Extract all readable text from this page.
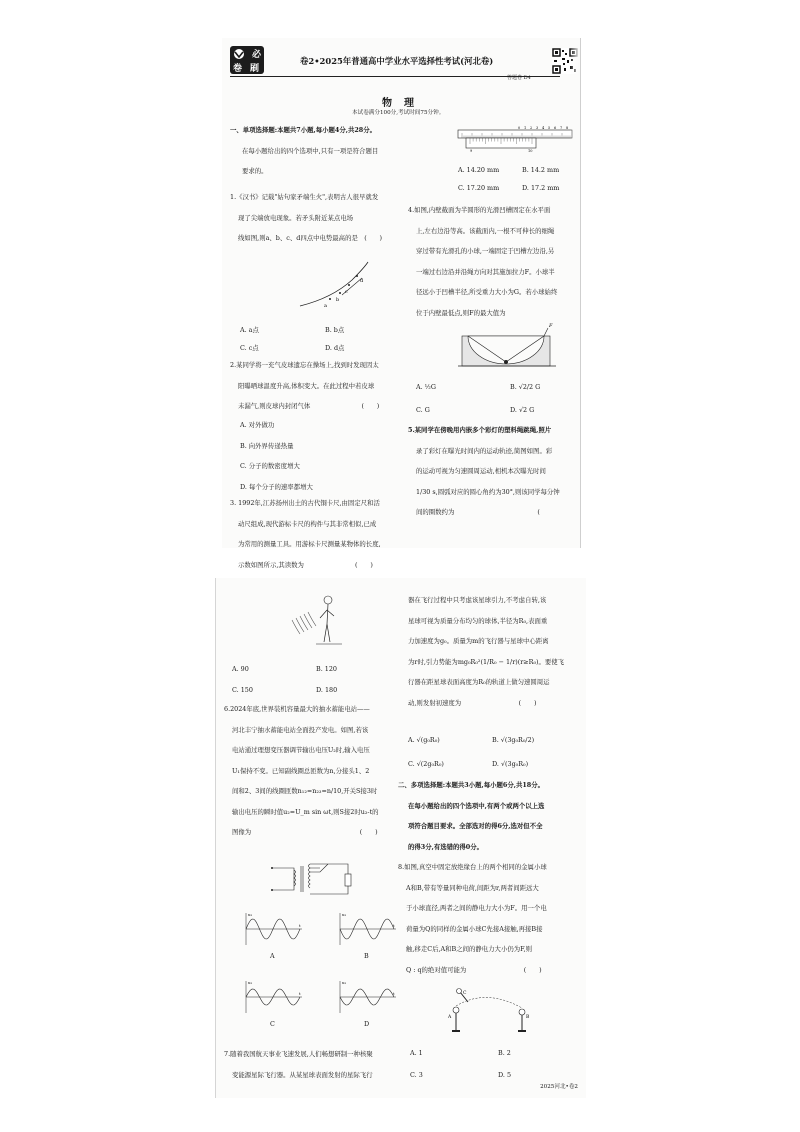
必
卷 刷
卷2•2025年普通高中学业水平选择性考试(河北卷)
答题卷 D4
物理
本试卷满分100分,考试时间75分钟。
一、单项选择题:本题共7小题,每小题4分,共28分。
在每小题给出的四个选项中,只有一项是符合题目
要求的。
1.《汉书》记载"姑句家矛端生火",表明古人很早就发
现了尖端放电现象。若矛头附近某点电场
线如图,则a、b、c、d四点中电势最高的是　(　　)
a
b
c
d
A. a点	B. b点
C. c点	D. d点
2.某同学将一充气皮球遗忘在操场上,找到时发现因太
阳曝晒球温度升高,体积变大。在此过程中若皮球
未漏气,则皮球内封闭气体　　　　　　　　(　　)
A. 对外做功
B. 向外界传递热量
C. 分子的数密度增大
D. 每个分子的速率都增大
3. 1992年,江苏扬州出土的古代铜卡尺,由固定尺和活
动尺组成,现代游标卡尺的构件与其非常相似,已成
为常用的测量工具。用游标卡尺测量某物体的长度,
示数如图所示,其读数为　　　　　　　　(　　)
0 1 2 3 4 5 6 7 8
9	10
A. 14.20 mm	B. 14.2 mm
C. 17.20 mm	D. 17.2 mm
4.如图,内壁截面为半圆形的光滑凹槽固定在水平面
上,左右边沿等高。该截面内,一根不可伸长的细绳
穿过带有光滑孔的小球,一端固定于凹槽左边沿,另
一端过右边沿并沿绳方向对其施加拉力F。小球半
径远小于凹槽半径,所受重力大小为G。若小球始终
位于内壁最低点,则F的最大值为
F
A. ½G	B. √2/2 G
C. G	D. √2 G
5.某同学在傍晚用内嵌多个彩灯的塑料绳跳绳,照片
录了彩灯在曝光时间内的运动轨迹,简图如图。彩
的运动可视为匀速圆周运动,相机本次曝光时间
1/30 s,圆弧对应的圆心角约为30°,则该同学每分钟
间的圈数约为　　　　　　　　　　　　　(
A. 90	B. 120
C. 150	D. 180
6.2024年底,世界装机容量最大的抽水蓄能电站——
河北丰宁抽水蓄能电站全面投产发电。如图,若该
电站通过理想变压器调节输出电压U₂时,输入电压
U₁保持不变。已知副线圈总匝数为n,分接头1、2
间和2、3间的线圈匝数n₁₂=n₂₃=n/10,开关S接3时
输出电压的瞬时值u₂=U_m sin ωt,则S接2时u₂-t的
图像为　　　　　　　　　　　　　　　　　(　　)
t
u₂
t
u₂
A	B
t
u₂
t
u₂
C	D
7.随着我国航天事业飞速发展,人们畅想研制一种核聚
变能源星际飞行器。从某星球表面发射的星际飞行
器在飞行过程中只考虑该星球引力,不考虑自转,该
星球可视为质量分布均匀的球体,半径为R₀,表面重
力加速度为g₀。质量为m的飞行器与星球中心距离
为r时,引力势能为mg₀R₀²(1/R₀ − 1/r)(r≥R₀)。要使飞
行器在距星球表面高度为R₀的轨道上做匀速圆周运
动,则发射初速度为　　　　　　　　　(　　)
A. √(g₀R₀)	B. √(3g₀R₀/2)
C. √(2g₀R₀)	D. √(3g₀R₀)
二、多项选择题:本题共3小题,每小题6分,共18分。
在每小题给出的四个选项中,有两个或两个以上选
项符合题目要求。全部选对的得6分,选对但不全
的得3分,有选错的得0分。
8.如图,真空中固定放绝缘台上的两个相同的金属小球
A和B,带有等量同种电荷,间距为r,两者间距远大
于小球直径,两者之间的静电力大小为F。用一个电
荷量为Q的同样的金属小球C先接A接触,再接B接
触,移走C后,A和B之间的静电力大小仍为F,则
Q : q的绝对值可能为　　　　　　　　　(　　)
A
C
B
A. 1	B. 2
C. 3	D. 5
2025河北•卷2
